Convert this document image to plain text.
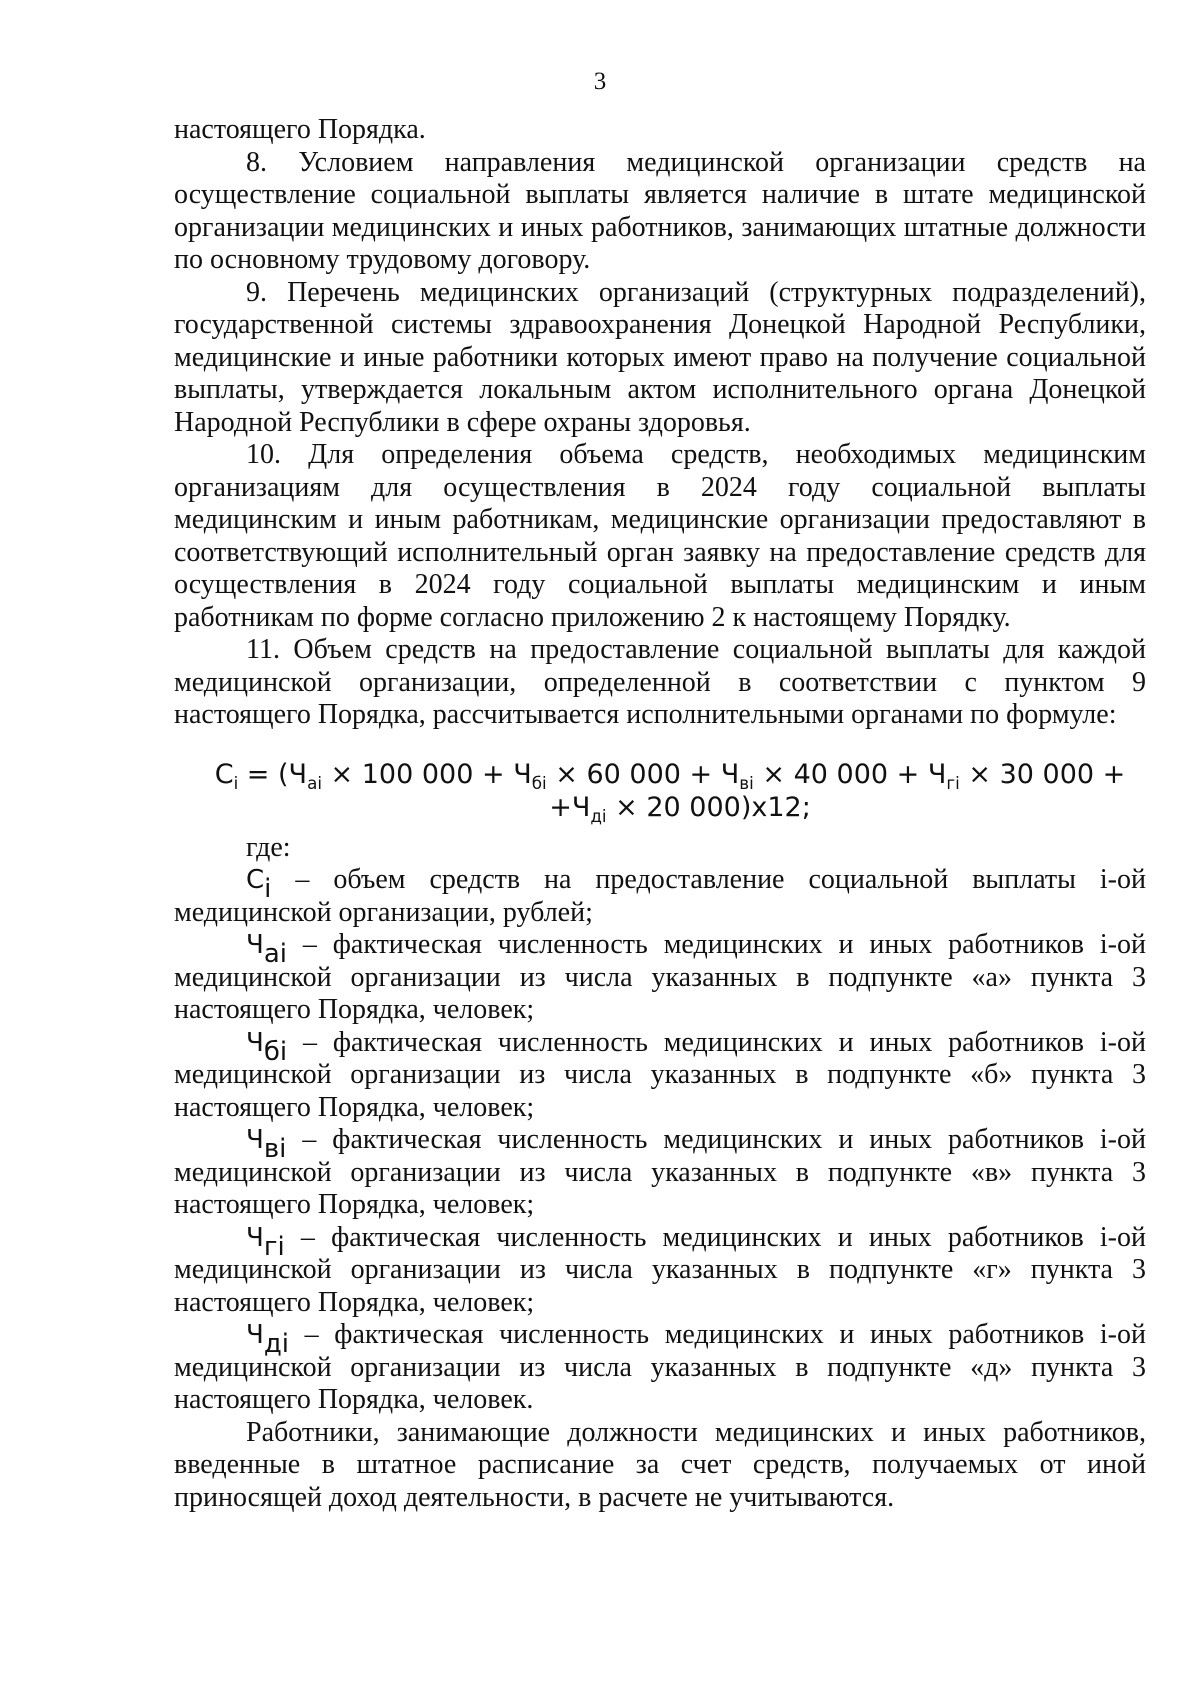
3

настоящего Порядка.

8. Условием направления медицинской организации средств на осуществление социальной выплаты является наличие в штате медицинской организации медицинских и иных работников, занимающих штатные должности по основному трудовому договору.

9. Перечень медицинских организаций (структурных подразделений), государственной системы здравоохранения Донецкой Народной Республики, медицинские и иные работники которых имеют право на получение социальной выплаты, утверждается локальным актом исполнительного органа Донецкой Народной Республики в сфере охраны здоровья.

10. Для определения объема средств, необходимых медицинским организациям для осуществления в 2024 году социальной выплаты медицинским и иным работникам, медицинские организации предоставляют в соответствующий исполнительный орган заявку на предоставление средств для осуществления в 2024 году социальной выплаты медицинским и иным работникам по форме согласно приложению 2 к настоящему Порядку.

11. Объем средств на предоставление социальной выплаты для каждой медицинской организации, определенной в соответствии с пунктом 9 настоящего Порядка, рассчитывается исполнительными органами по формуле:

$C_i = (Ч_{аi} \times 100$ $000 + Ч_{бi} \times 60$ $000 + Ч_{вi} \times 40$ $000 + Ч_{гi} \times 30$ 000 +
$+Ч_{дi} \times 20$ 000)x12;

где:

$C_i$ – объем средств на предоставление социальной выплаты i-ой медицинской организации, рублей;

$Ч_{аi}$ – фактическая численность медицинских и иных работников i-ой медицинской организации из числа указанных в подпункте «а» пункта 3 настоящего Порядка, человек;

$Ч_{бi}$ – фактическая численность медицинских и иных работников i-ой медицинской организации из числа указанных в подпункте «б» пункта 3 настоящего Порядка, человек;

$Ч_{вi}$ – фактическая численность медицинских и иных работников i-ой медицинской организации из числа указанных в подпункте «в» пункта 3 настоящего Порядка, человек;

$Ч_{гi}$ – фактическая численность медицинских и иных работников i-ой медицинской организации из числа указанных в подпункте «г» пункта 3 настоящего Порядка, человек;

$Ч_{дi}$ – фактическая численность медицинских и иных работников i-ой медицинской организации из числа указанных в подпункте «д» пункта 3 настоящего Порядка, человек.

Работники, занимающие должности медицинских и иных работников, введенные в штатное расписание за счет средств, получаемых от иной приносящей доход деятельности, в расчете не учитываются.
